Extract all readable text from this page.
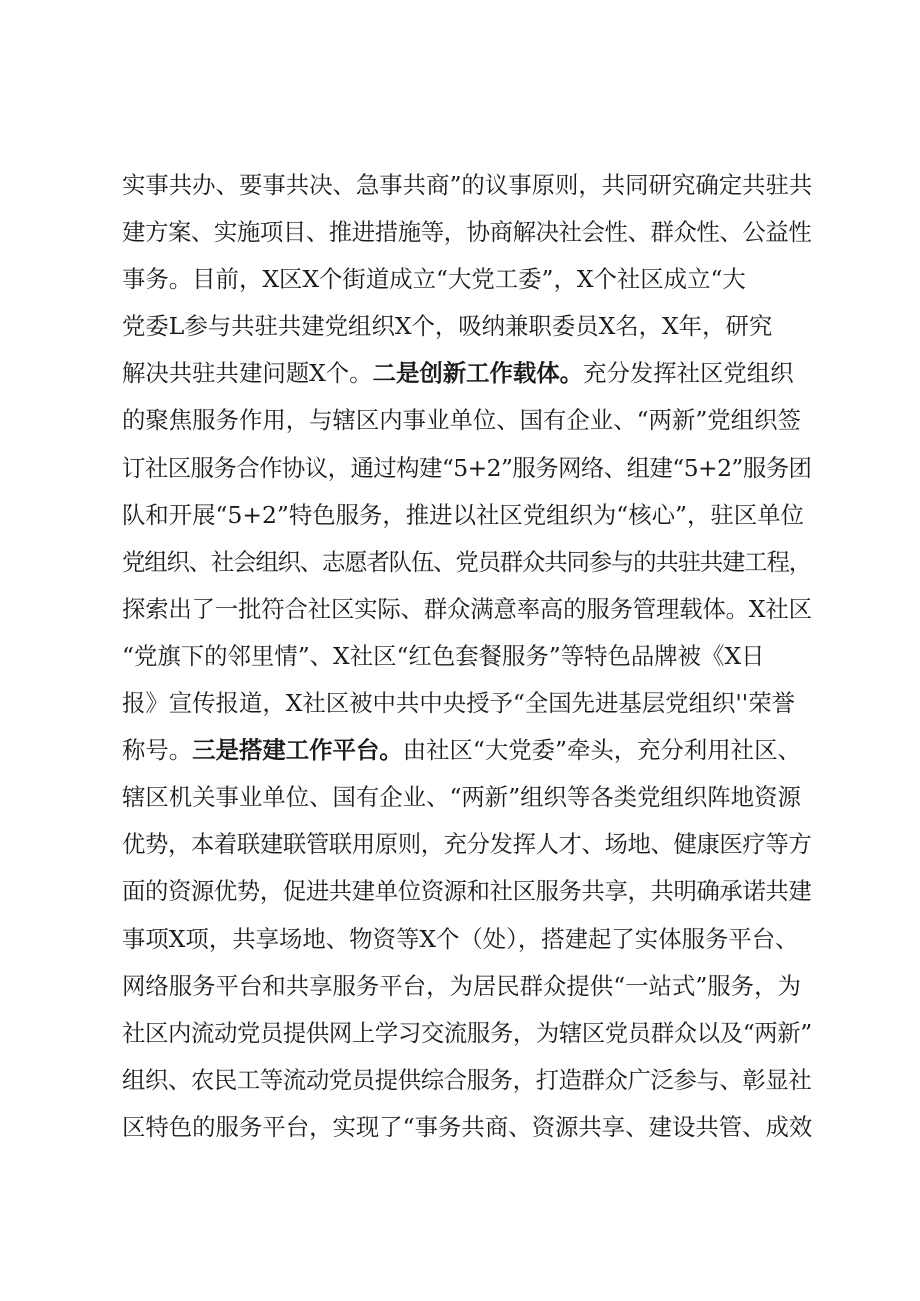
实事共办、要事共决、急事共商”的议事原则，共同研究确定共驻共
建方案、实施项目、推进措施等，协商解决社会性、群众性、公益性
事务。目前，X区X个街道成立“大党工委”，X个社区成立“大
党委L参与共驻共建党组织X个，吸纳兼职委员X名，X年，研究
解决共驻共建问题X个。二是创新工作载体。充分发挥社区党组织
的聚焦服务作用，与辖区内事业单位、国有企业、“两新”党组织签
订社区服务合作协议，通过构建“5+2”服务网络、组建“5+2”服务团
队和开展“5+2”特色服务，推进以社区党组织为“核心”，驻区单位
党组织、社会组织、志愿者队伍、党员群众共同参与的共驻共建工程，
探索出了一批符合社区实际、群众满意率高的服务管理载体。X社区
“党旗下的邻里情”、X社区“红色套餐服务”等特色品牌被《X日
报》宣传报道，X社区被中共中央授予“全国先进基层党组织''荣誉
称号。三是搭建工作平台。由社区“大党委”牵头，充分利用社区、
辖区机关事业单位、国有企业、“两新”组织等各类党组织阵地资源
优势，本着联建联管联用原则，充分发挥人才、场地、健康医疗等方
面的资源优势，促进共建单位资源和社区服务共享，共明确承诺共建
事项X项，共享场地、物资等X个（处），搭建起了实体服务平台、
网络服务平台和共享服务平台，为居民群众提供“一站式”服务，为
社区内流动党员提供网上学习交流服务，为辖区党员群众以及“两新”
组织、农民工等流动党员提供综合服务，打造群众广泛参与、彰显社
区特色的服务平台，实现了“事务共商、资源共享、建设共管、成效
